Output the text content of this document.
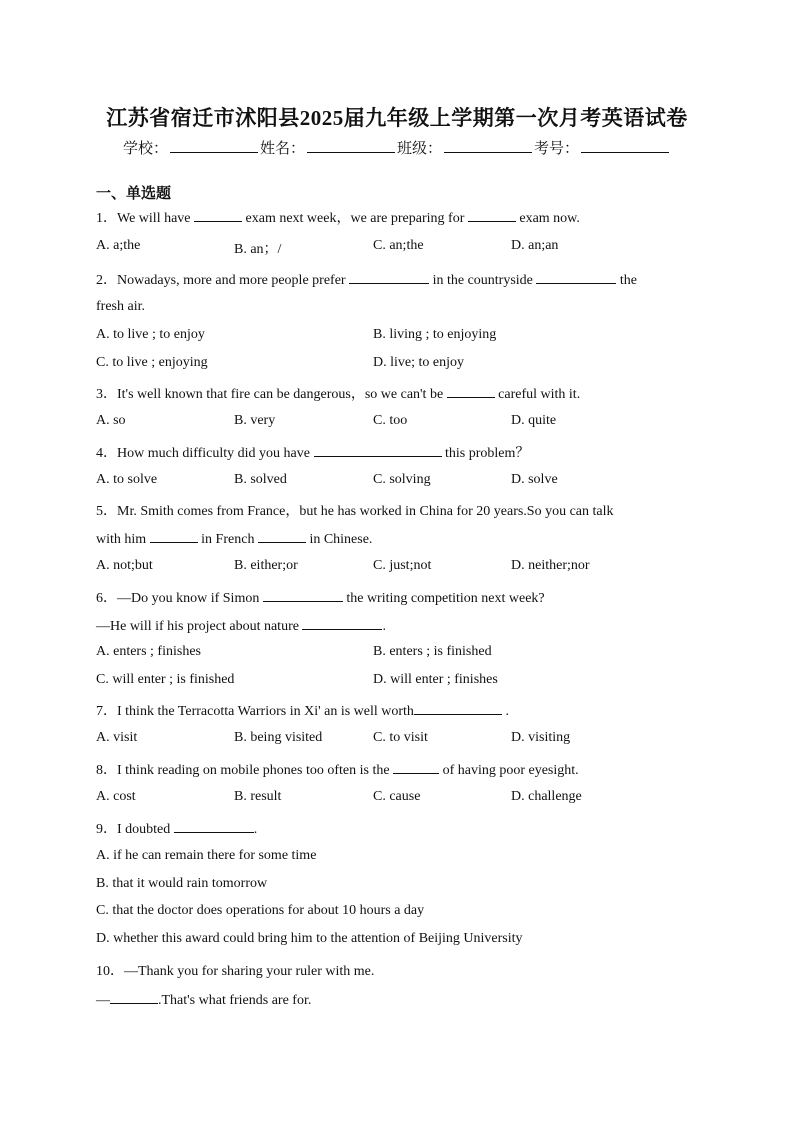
江苏省宿迁市沭阳县2025届九年级上学期第一次月考英语试卷
学校：	姓名：	班级：	考号：
一、单选题
1．We will have	exam next week，we are preparing for	exam now.
A. a;the	B. an；/	C. an;the	D. an;an
2．Nowadays, more and more people prefer	in the countryside	the
fresh air.
A. to live ; to enjoy	B. living ; to enjoying
C. to live ; enjoying	D. live; to enjoy
3．It's well known that fire can be dangerous，so we can't be	careful with it.
A. so	B. very	C. too	D. quite
4．How much difficulty did you have	this problem？
A. to solve	B. solved	C. solving	D. solve
5．Mr. Smith comes from France，but he has worked in China for 20 years.So you can talk
with him	in French	in Chinese.
A. not;but	B. either;or	C. just;not	D. neither;nor
6．—Do you know if Simon	the writing competition next week?
—He will if his project about nature	.
A. enters ; finishes	B. enters ; is finished
C. will enter ; is finished	D. will enter ; finishes
7．I think the Terracotta Warriors in Xi' an is well worth	.
A. visit	B. being visited	C. to visit	D. visiting
8．I think reading on mobile phones too often is the	of having poor eyesight.
A. cost	B. result	C. cause	D. challenge
9．I doubted	.
A. if he can remain there for some time
B. that it would rain tomorrow
C. that the doctor does operations for about 10 hours a day
D. whether this award could bring him to the attention of Beijing University
10．—Thank you for sharing your ruler with me.
—	.That's what friends are for.
